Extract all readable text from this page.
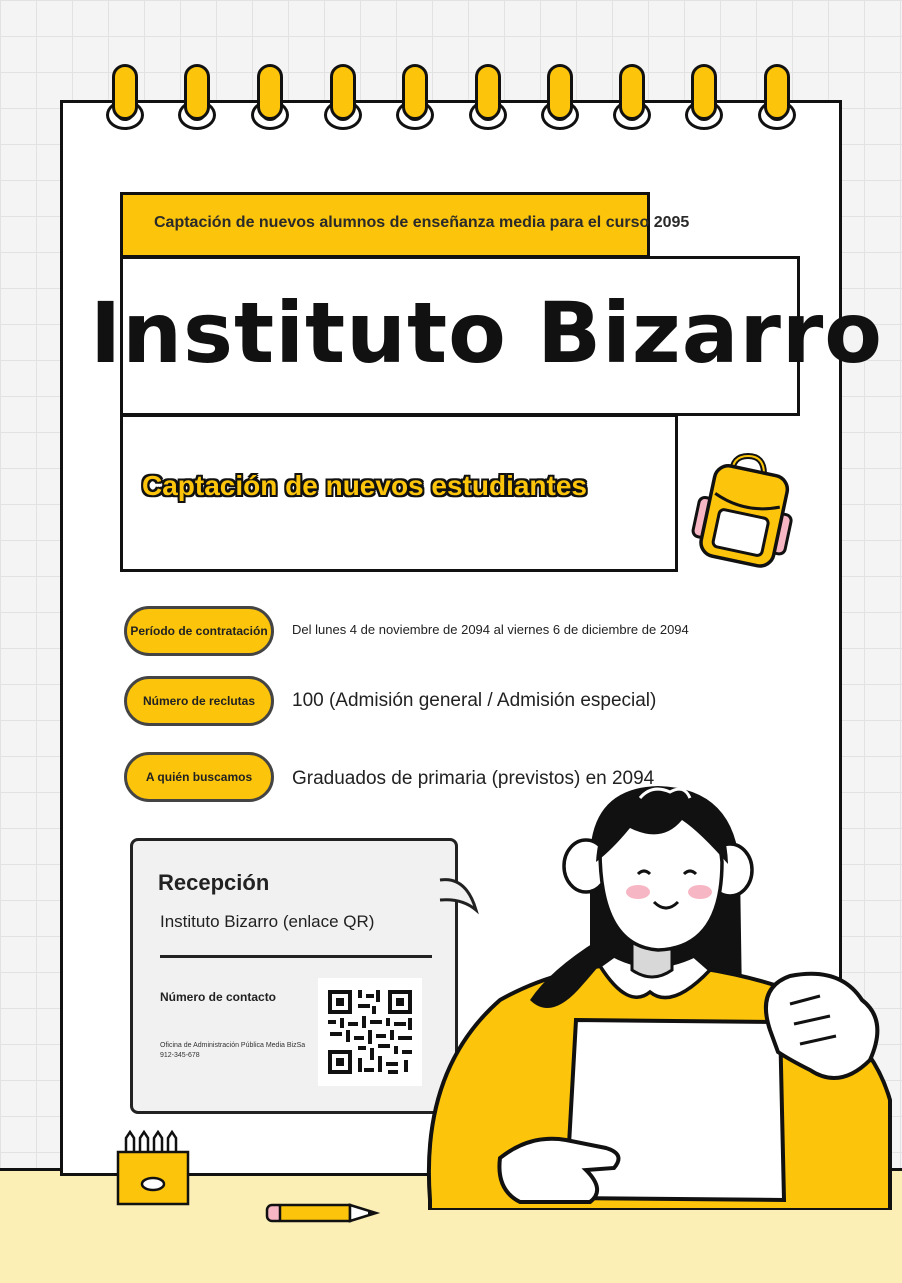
Captación de nuevos alumnos de enseñanza media para el curso 2095
Instituto Bizarro
Captación de nuevos estudiantes
Período de contratación	Del lunes 4 de noviembre de 2094 al viernes 6 de diciembre de 2094
Número de reclutas	100 (Admisión general / Admisión especial)
A quién buscamos	Graduados de primaria (previstos) en 2094
Recepción
Instituto Bizarro (enlace QR)
Número de contacto
Oficina de Administración Pública Media BizSa
912-345-678
